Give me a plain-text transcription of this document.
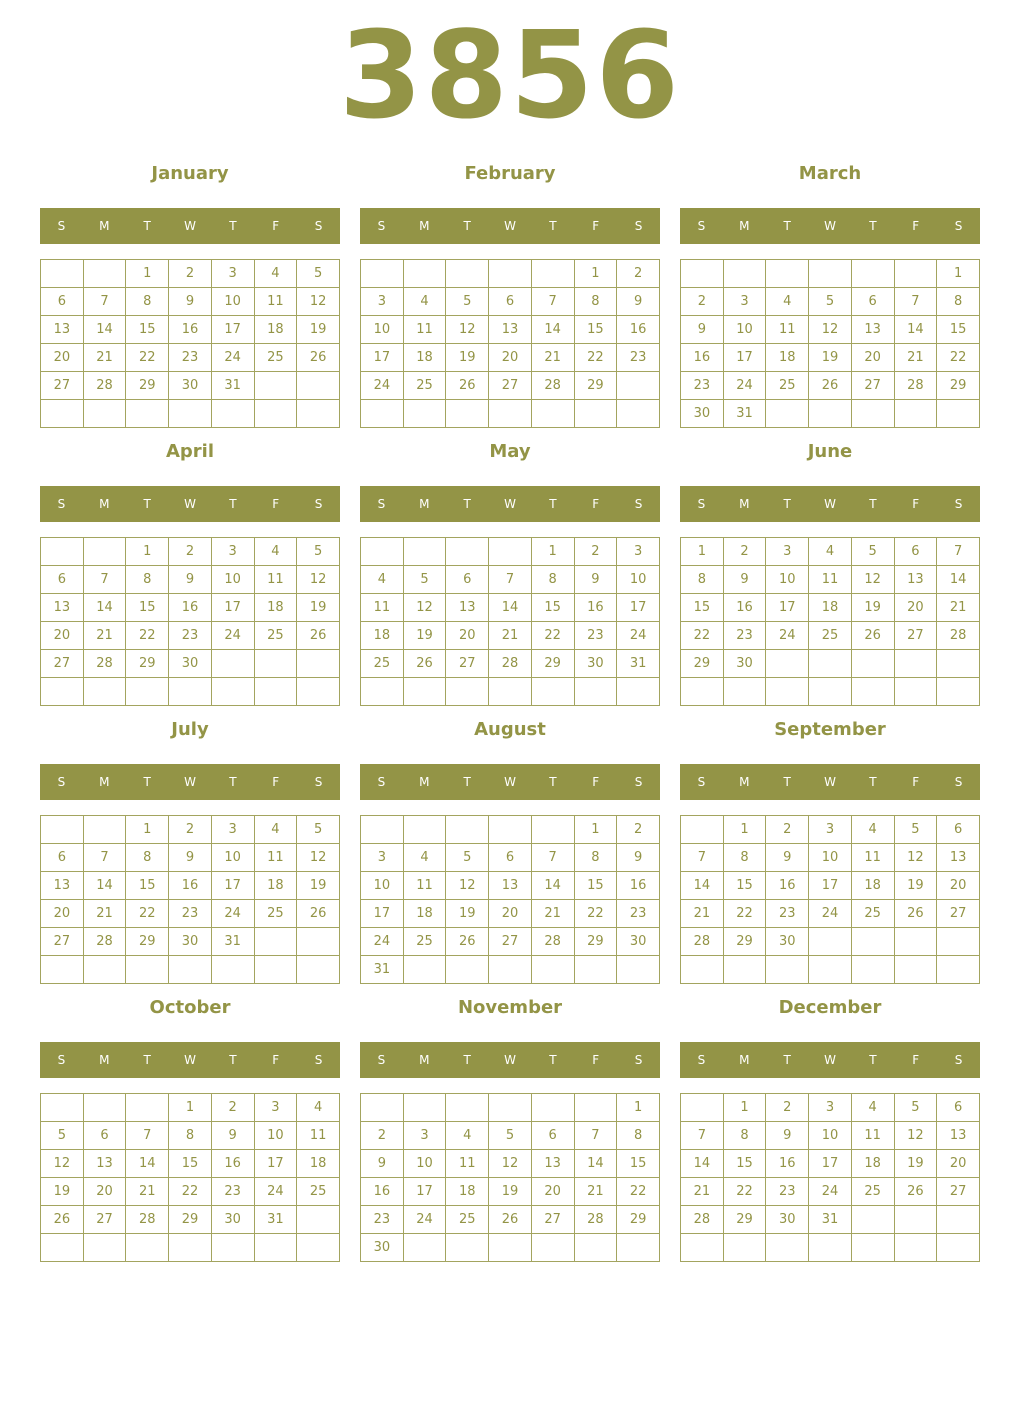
3856
January
S	M	T	W	T	F	S
		1	2	3	4	5
6	7	8	9	10	11	12
13	14	15	16	17	18	19
20	21	22	23	24	25	26
27	28	29	30	31		

February
S	M	T	W	T	F	S
					1	2
3	4	5	6	7	8	9
10	11	12	13	14	15	16
17	18	19	20	21	22	23
24	25	26	27	28	29	

March
S	M	T	W	T	F	S
						1
2	3	4	5	6	7	8
9	10	11	12	13	14	15
16	17	18	19	20	21	22
23	24	25	26	27	28	29
30	31					
April
S	M	T	W	T	F	S
		1	2	3	4	5
6	7	8	9	10	11	12
13	14	15	16	17	18	19
20	21	22	23	24	25	26
27	28	29	30			

May
S	M	T	W	T	F	S
				1	2	3
4	5	6	7	8	9	10
11	12	13	14	15	16	17
18	19	20	21	22	23	24
25	26	27	28	29	30	31

June
S	M	T	W	T	F	S
1	2	3	4	5	6	7
8	9	10	11	12	13	14
15	16	17	18	19	20	21
22	23	24	25	26	27	28
29	30					

July
S	M	T	W	T	F	S
		1	2	3	4	5
6	7	8	9	10	11	12
13	14	15	16	17	18	19
20	21	22	23	24	25	26
27	28	29	30	31		

August
S	M	T	W	T	F	S
					1	2
3	4	5	6	7	8	9
10	11	12	13	14	15	16
17	18	19	20	21	22	23
24	25	26	27	28	29	30
31						
September
S	M	T	W	T	F	S
	1	2	3	4	5	6
7	8	9	10	11	12	13
14	15	16	17	18	19	20
21	22	23	24	25	26	27
28	29	30				

October
S	M	T	W	T	F	S
			1	2	3	4
5	6	7	8	9	10	11
12	13	14	15	16	17	18
19	20	21	22	23	24	25
26	27	28	29	30	31	

November
S	M	T	W	T	F	S
						1
2	3	4	5	6	7	8
9	10	11	12	13	14	15
16	17	18	19	20	21	22
23	24	25	26	27	28	29
30						
December
S	M	T	W	T	F	S
	1	2	3	4	5	6
7	8	9	10	11	12	13
14	15	16	17	18	19	20
21	22	23	24	25	26	27
28	29	30	31			
